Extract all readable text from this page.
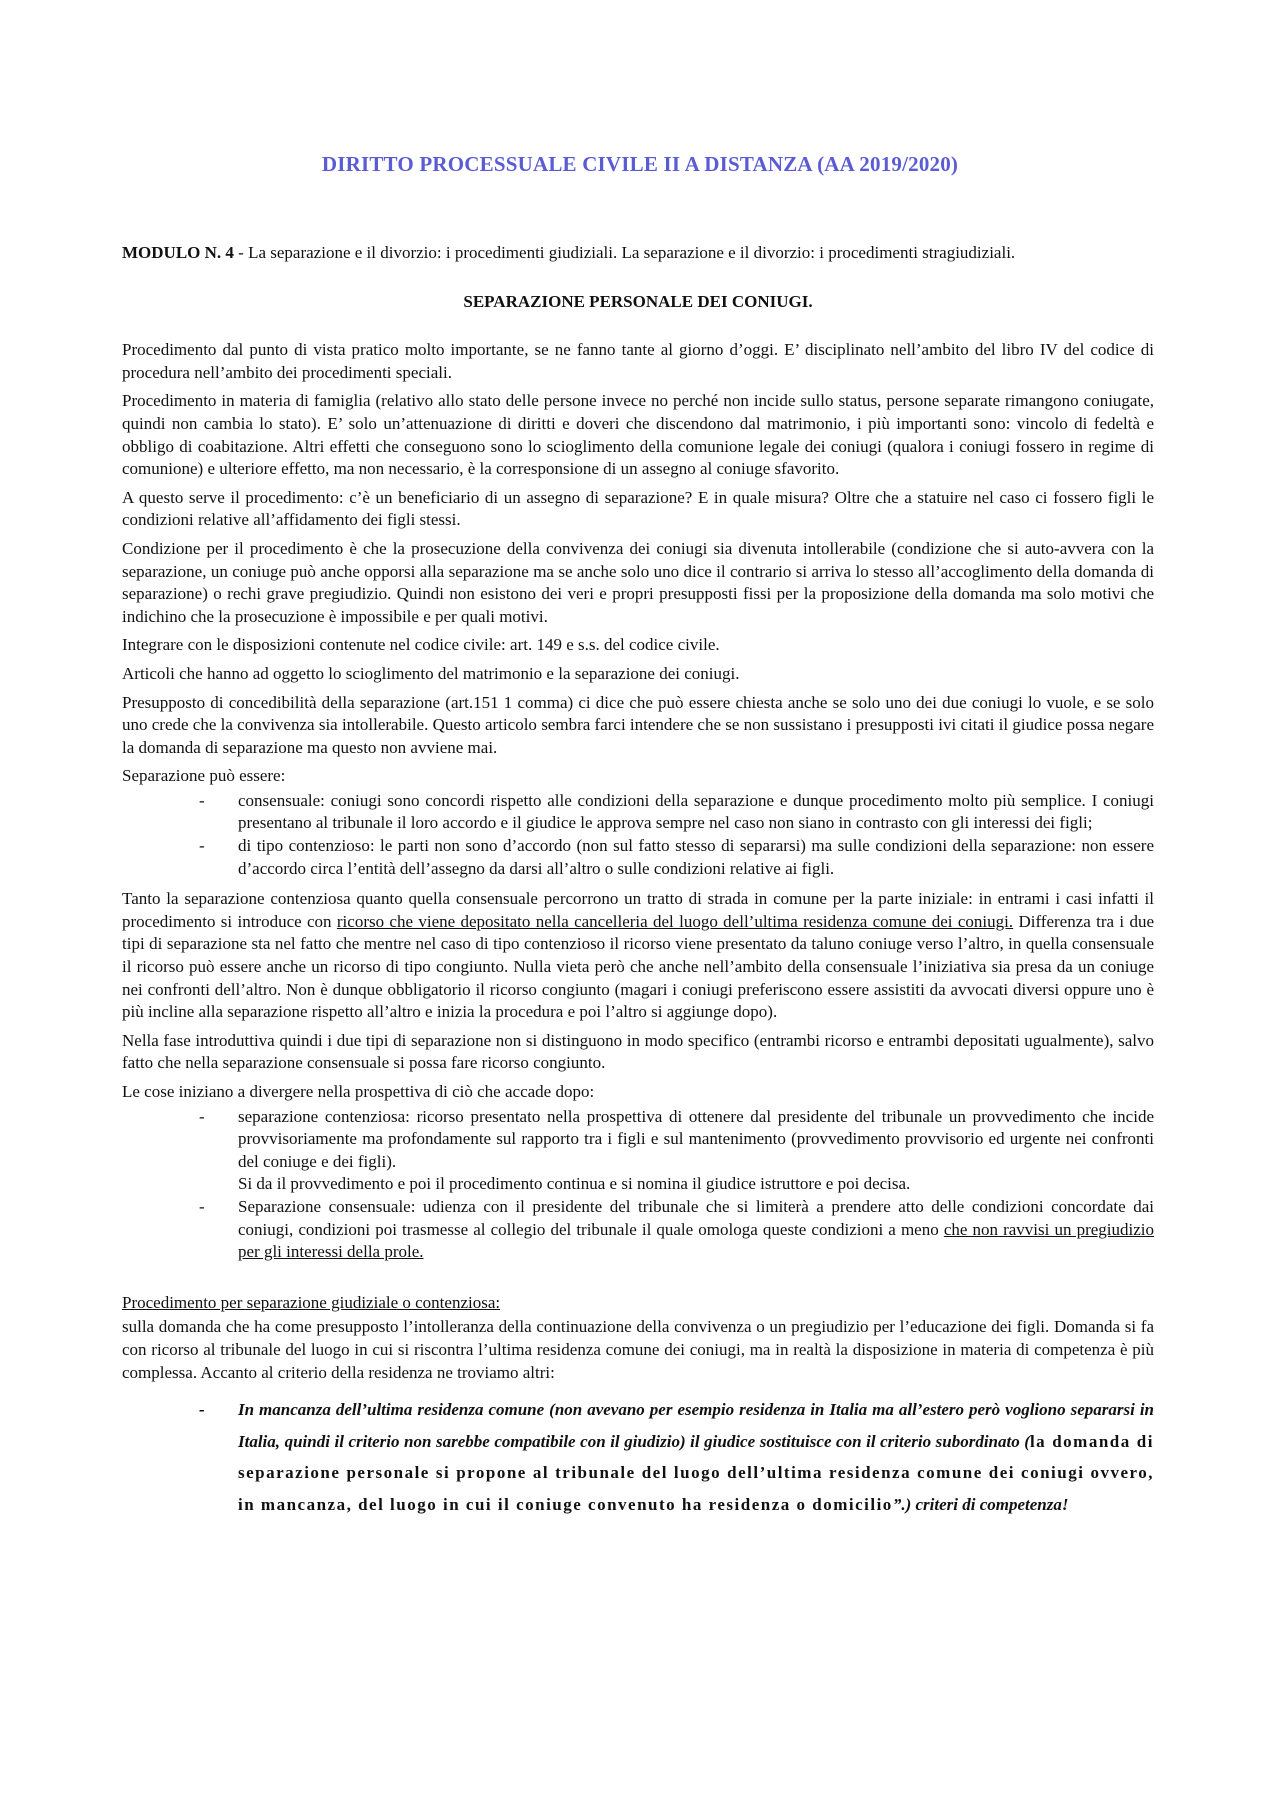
DIRITTO PROCESSUALE CIVILE II A DISTANZA (AA 2019/2020)

MODULO N. 4 - La separazione e il divorzio: i procedimenti giudiziali. La separazione e il divorzio: i procedimenti stragiudiziali.

SEPARAZIONE PERSONALE DEI CONIUGI.

Procedimento dal punto di vista pratico molto importante, se ne fanno tante al giorno d’oggi. E’ disciplinato nell’ambito del libro IV del codice di procedura nell’ambito dei procedimenti speciali.

Procedimento in materia di famiglia (relativo allo stato delle persone invece no perché non incide sullo status, persone separate rimangono coniugate, quindi non cambia lo stato). E’ solo un’attenuazione di diritti e doveri che discendono dal matrimonio, i più importanti sono: vincolo di fedeltà e obbligo di coabitazione. Altri effetti che conseguono sono lo scioglimento della comunione legale dei coniugi (qualora i coniugi fossero in regime di comunione) e ulteriore effetto, ma non necessario, è la corresponsione di un assegno al coniuge sfavorito.

A questo serve il procedimento: c’è un beneficiario di un assegno di separazione? E in quale misura? Oltre che a statuire nel caso ci fossero figli le condizioni relative all’affidamento dei figli stessi.

Condizione per il procedimento è che la prosecuzione della convivenza dei coniugi sia divenuta intollerabile (condizione che si auto-avvera con la separazione, un coniuge può anche opporsi alla separazione ma se anche solo uno dice il contrario si arriva lo stesso all’accoglimento della domanda di separazione) o rechi grave pregiudizio. Quindi non esistono dei veri e propri presupposti fissi per la proposizione della domanda ma solo motivi che indichino che la prosecuzione è impossibile e per quali motivi.

Integrare con le disposizioni contenute nel codice civile: art. 149 e s.s. del codice civile.

Articoli che hanno ad oggetto lo scioglimento del matrimonio e la separazione dei coniugi.

Presupposto di concedibilità della separazione (art.151 1 comma) ci dice che può essere chiesta anche se solo uno dei due coniugi lo vuole, e se solo uno crede che la convivenza sia intollerabile. Questo articolo sembra farci intendere che se non sussistano i presupposti ivi citati il giudice possa negare la domanda di separazione ma questo non avviene mai.

Separazione può essere:

- consensuale: coniugi sono concordi rispetto alle condizioni della separazione e dunque procedimento molto più semplice. I coniugi presentano al tribunale il loro accordo e il giudice le approva sempre nel caso non siano in contrasto con gli interessi dei figli;
- di tipo contenzioso: le parti non sono d’accordo (non sul fatto stesso di separarsi) ma sulle condizioni della separazione: non essere d’accordo circa l’entità dell’assegno da darsi all’altro o sulle condizioni relative ai figli.

Tanto la separazione contenziosa quanto quella consensuale percorrono un tratto di strada in comune per la parte iniziale: in entrami i casi infatti il procedimento si introduce con ricorso che viene depositato nella cancelleria del luogo dell’ultima residenza comune dei coniugi. Differenza tra i due tipi di separazione sta nel fatto che mentre nel caso di tipo contenzioso il ricorso viene presentato da taluno coniuge verso l’altro, in quella consensuale il ricorso può essere anche un ricorso di tipo congiunto. Nulla vieta però che anche nell’ambito della consensuale l’iniziativa sia presa da un coniuge nei confronti dell’altro. Non è dunque obbligatorio il ricorso congiunto (magari i coniugi preferiscono essere assistiti da avvocati diversi oppure uno è più incline alla separazione rispetto all’altro e inizia la procedura e poi l’altro si aggiunge dopo).

Nella fase introduttiva quindi i due tipi di separazione non si distinguono in modo specifico (entrambi ricorso e entrambi depositati ugualmente), salvo fatto che nella separazione consensuale si possa fare ricorso congiunto.

Le cose iniziano a divergere nella prospettiva di ciò che accade dopo:

- separazione contenziosa: ricorso presentato nella prospettiva di ottenere dal presidente del tribunale un provvedimento che incide provvisoriamente ma profondamente sul rapporto tra i figli e sul mantenimento (provvedimento provvisorio ed urgente nei confronti del coniuge e dei figli).
Si da il provvedimento e poi il procedimento continua e si nomina il giudice istruttore e poi decisa.
- Separazione consensuale: udienza con il presidente del tribunale che si limiterà a prendere atto delle condizioni concordate dai coniugi, condizioni poi trasmesse al collegio del tribunale il quale omologa queste condizioni a meno che non ravvisi un pregiudizio per gli interessi della prole.

Procedimento per separazione giudiziale o contenziosa:

sulla domanda che ha come presupposto l’intolleranza della continuazione della convivenza o un pregiudizio per l’educazione dei figli. Domanda si fa con ricorso al tribunale del luogo in cui si riscontra l’ultima residenza comune dei coniugi, ma in realtà la disposizione in materia di competenza è più complessa. Accanto al criterio della residenza ne troviamo altri:

- In mancanza dell’ultima residenza comune (non avevano per esempio residenza in Italia ma all’estero però vogliono separarsi in Italia, quindi il criterio non sarebbe compatibile con il giudizio) il giudice sostituisce con il criterio subordinato (la domanda di separazione personale si propone al tribunale del luogo dell’ultima residenza comune dei coniugi ovvero, in mancanza, del luogo in cui il coniuge convenuto ha residenza o domicilio”.) criteri di competenza!
